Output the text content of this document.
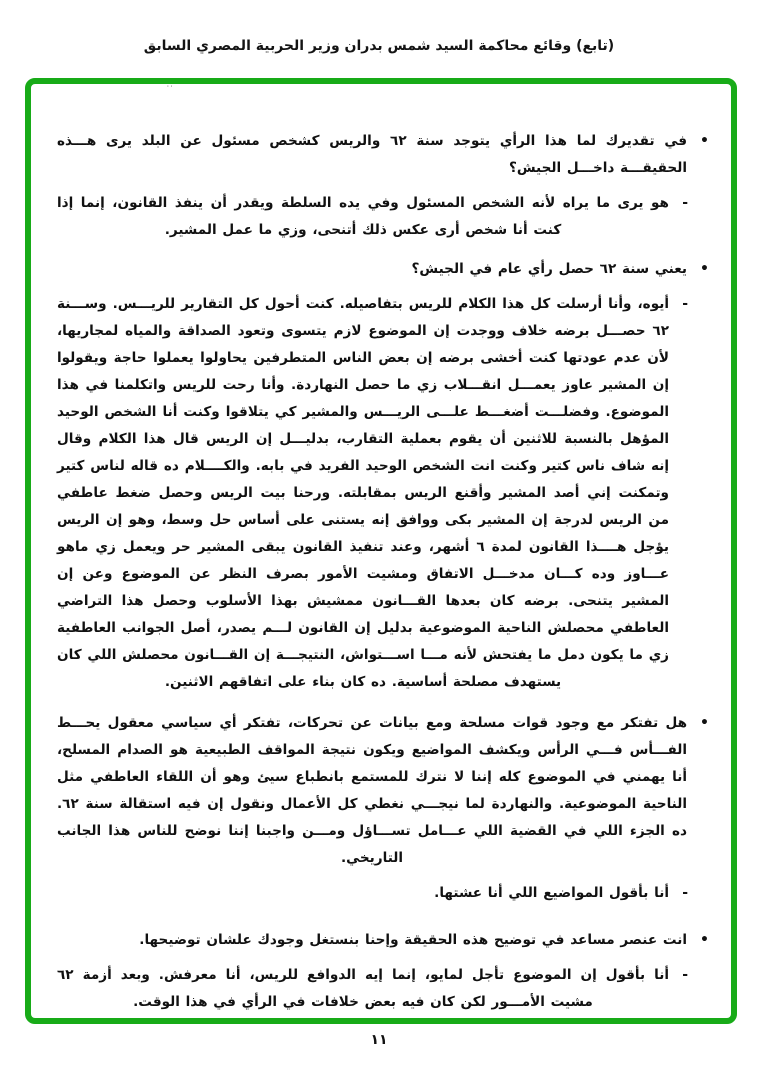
(تابع) وقائع محاكمة السيد شمس بدران وزير الحربية المصري السابق
٠٠
•
في تقديرك لما هذا الرأي يتوجد سنة ٦٢ والريس كشخص مسئول عن البلد يرى هـــذه الحقيقـــة داخـــل الجيش؟
-
هو يرى ما يراه لأنه الشخص المسئول وفي يده السلطة ويقدر أن ينفذ القانون، إنما إذا كنت أنا شخص أرى عكس ذلك أتنحى، وزي ما عمل المشير.
•
يعني سنة ٦٢ حصل رأي عام في الجيش؟
-
أيوه، وأنا أرسلت كل هذا الكلام للريس بتفاصيله. كنت أحول كل التقارير للريـــس. وســـنة ٦٢ حصـــل برضه خلاف ووجدت إن الموضوع لازم يتسوى وتعود الصداقة والمياه لمجاريها، لأن عدم عودتها كنت أخشى برضه إن بعض الناس المتطرفين يحاولوا يعملوا حاجة ويقولوا إن المشير عاوز يعمـــل انقـــلاب زي ما حصل النهاردة. وأنا رحت للريس واتكلمنا في هذا الموضوع. وفضلـــت أضغـــط علـــى الريـــس والمشير كي يتلاقوا وكنت أنا الشخص الوحيد المؤهل بالنسبة للاثنين أن يقوم بعملية التقارب، بدليـــل إن الريس قال هذا الكلام وقال إنه شاف ناس كتير وكنت انت الشخص الوحيد الفريد في بابه. والكــــلام ده قاله لناس كتير وتمكنت إني أصد المشير وأقنع الريس بمقابلته. ورحنا بيت الريس وحصل ضغط عاطفي من الريس لدرجة إن المشير بكى ووافق إنه يستنى على أساس حل وسط، وهو إن الريس يؤجل هــــذا القانون لمدة ٦ أشهر، وعند تنفيذ القانون يبقى المشير حر ويعمل زي ماهو عـــاوز وده كـــان مدخـــل الاتفاق ومشيت الأمور بصرف النظر عن الموضوع وعن إن المشير يتنحى. برضه كان بعدها القـــانون ممشيش بهذا الأسلوب وحصل هذا التراضي العاطفي محصلش الناحية الموضوعية بدليل إن القانون لـــم يصدر، أصل الجوانب العاطفية زي ما يكون دمل ما يفتحش لأنه مـــا اســـتواش، النتيجـــة إن القـــانون محصلش اللي كان يستهدف مصلحة أساسية. ده كان بناء على اتفاقهم الاثنين.
•
هل تفتكر مع وجود قوات مسلحة ومع بيانات عن تحركات، تفتكر أي سياسي معقول يحـــط الفـــأس فـــي الرأس ويكشف المواضيع ويكون نتيجة المواقف الطبيعية هو الصدام المسلح، أنا يهمني في الموضوع كله إننا لا نترك للمستمع بانطباع سيئ وهو أن اللقاء العاطفي مثل الناحية الموضوعية. والنهاردة لما نيجـــي نغطي كل الأعمال ونقول إن فيه استقالة سنة ٦٢. ده الجزء اللي في القضية اللي عـــامل تســـاؤل ومـــن واجبنا إننا نوضح للناس هذا الجانب التاريخي.
-
أنا بأقول المواضيع اللي أنا عشتها.
•
انت عنصر مساعد في توضيح هذه الحقيقة وإحنا بنستغل وجودك علشان توضيحها.
-
أنا بأقول إن الموضوع تأجل لمايو، إنما إيه الدوافع للريس، أنا معرفش. وبعد أزمة ٦٢ مشيت الأمـــور لكن كان فيه بعض خلافات في الرأي في هذا الوقت.
١١
